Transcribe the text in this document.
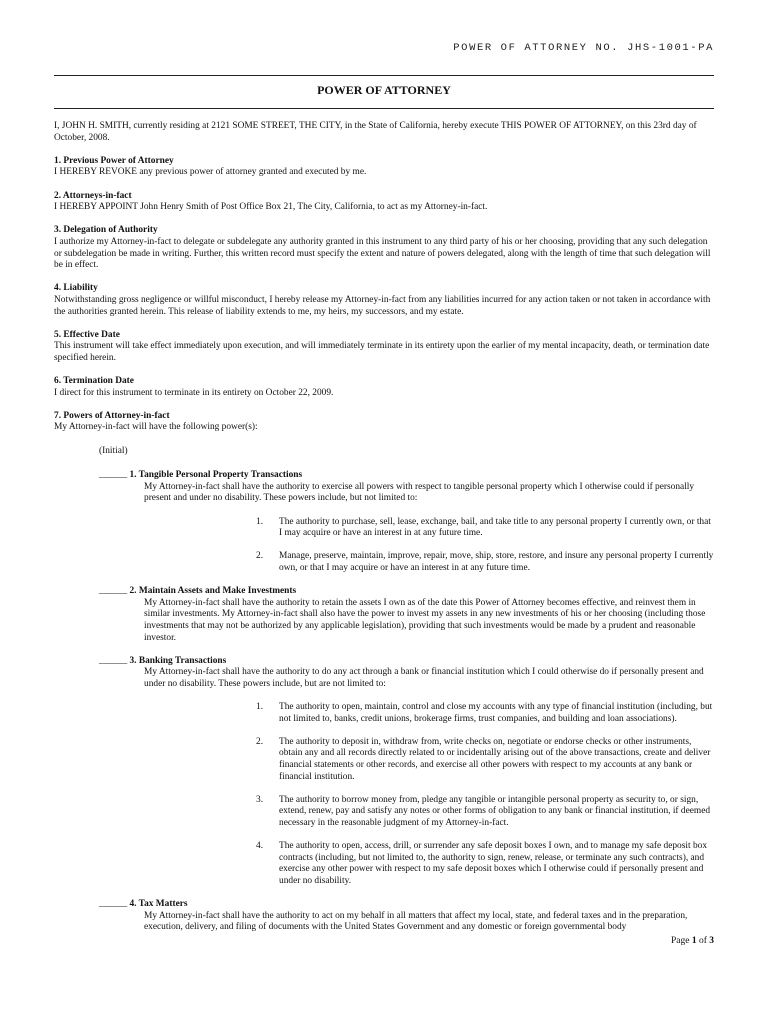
POWER OF ATTORNEY NO. JHS-1001-PA
POWER OF ATTORNEY

I, JOHN H. SMITH, currently residing at 2121 SOME STREET, THE CITY, in the State of California, hereby execute THIS POWER OF ATTORNEY, on this 23rd day of October, 2008.

1. Previous Power of Attorney
I HEREBY REVOKE any previous power of attorney granted and executed by me.
2. Attorneys-in-fact
I HEREBY APPOINT John Henry Smith of Post Office Box 21, The City, California, to act as my Attorney-in-fact.
3. Delegation of Authority
I authorize my Attorney-in-fact to delegate or subdelegate any authority granted in this instrument to any third party of his or her choosing, providing that any such delegation or subdelegation be made in writing. Further, this written record must specify the extent and nature of powers delegated, along with the length of time that such delegation will be in effect.
4. Liability
Notwithstanding gross negligence or willful misconduct, I hereby release my Attorney-in-fact from any liabilities incurred for any action taken or not taken in accordance with the authorities granted herein. This release of liability extends to me, my heirs, my successors, and my estate.
5. Effective Date
This instrument will take effect immediately upon execution, and will immediately terminate in its entirety upon the earlier of my mental incapacity, death, or termination date specified herein.
6. Termination Date
I direct for this instrument to terminate in its entirety on October 22, 2009.
7. Powers of Attorney-in-fact
My Attorney-in-fact will have the following power(s):
(Initial)
______ 1. Tangible Personal Property Transactions
My Attorney-in-fact shall have the authority to exercise all powers with respect to tangible personal property which I otherwise could if personally present and under no disability. These powers include, but not limited to:
1. The authority to purchase, sell, lease, exchange, bail, and take title to any personal property I currently own, or that I may acquire or have an interest in at any future time.
2. Manage, preserve, maintain, improve, repair, move, ship, store, restore, and insure any personal property I currently own, or that I may acquire or have an interest in at any future time.
______ 2. Maintain Assets and Make Investments
My Attorney-in-fact shall have the authority to retain the assets I own as of the date this Power of Attorney becomes effective, and reinvest them in similar investments. My Attorney-in-fact shall also have the power to invest my assets in any new investments of his or her choosing (including those investments that may not be authorized by any applicable legislation), providing that such investments would be made by a prudent and reasonable investor.
______ 3. Banking Transactions
My Attorney-in-fact shall have the authority to do any act through a bank or financial institution which I could otherwise do if personally present and under no disability. These powers include, but are not limited to:
1. The authority to open, maintain, control and close my accounts with any type of financial institution (including, but not limited to, banks, credit unions, brokerage firms, trust companies, and building and loan associations).
2. The authority to deposit in, withdraw from, write checks on, negotiate or endorse checks or other instruments, obtain any and all records directly related to or incidentally arising out of the above transactions, create and deliver financial statements or other records, and exercise all other powers with respect to my accounts at any bank or financial institution.
3. The authority to borrow money from, pledge any tangible or intangible personal property as security to, or sign, extend, renew, pay and satisfy any notes or other forms of obligation to any bank or financial institution, if deemed necessary in the reasonable judgment of my Attorney-in-fact.
4. The authority to open, access, drill, or surrender any safe deposit boxes I own, and to manage my safe deposit box contracts (including, but not limited to, the authority to sign, renew, release, or terminate any such contracts), and exercise any other power with respect to my safe deposit boxes which I otherwise could if personally present and under no disability.
______ 4. Tax Matters
My Attorney-in-fact shall have the authority to act on my behalf in all matters that affect my local, state, and federal taxes and in the preparation, execution, delivery, and filing of documents with the United States Government and any domestic or foreign governmental body
Page 1 of 3
